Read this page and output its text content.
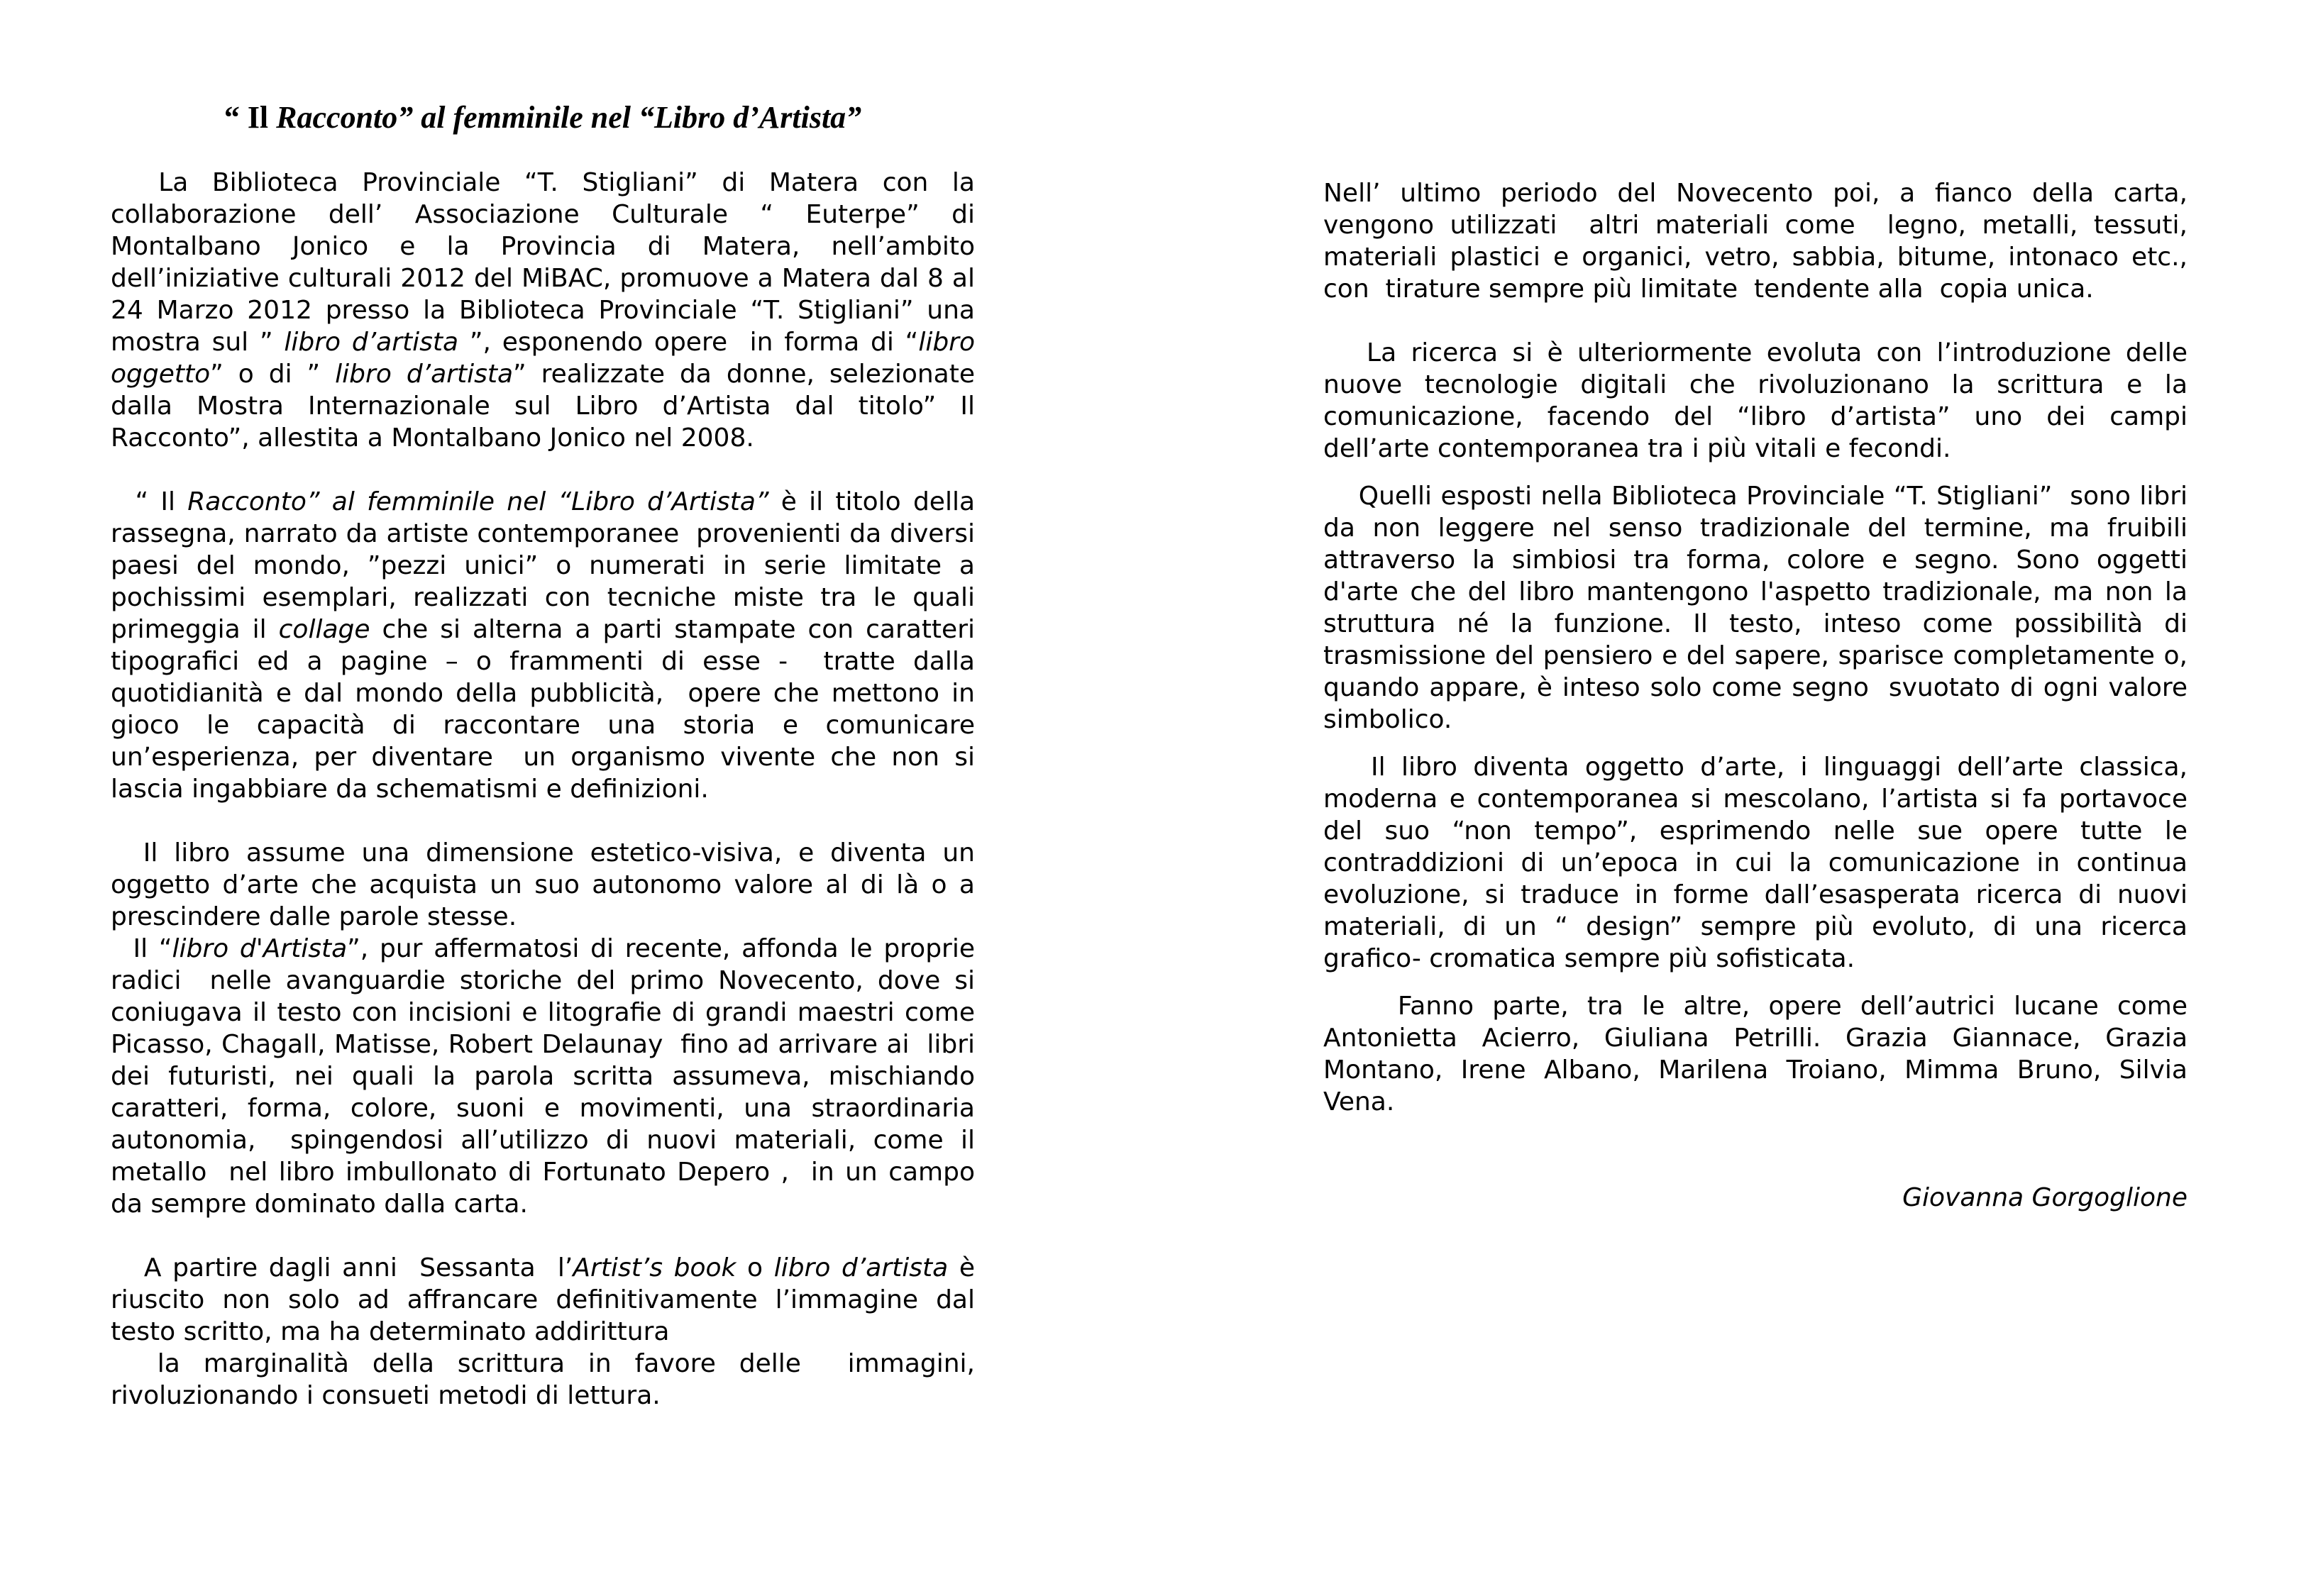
“ Il Racconto” al femminile nel “Libro d’Artista”

La Biblioteca Provinciale “T. Stigliani” di Matera con la collaborazione dell’ Associazione Culturale “ Euterpe” di Montalbano Jonico e la Provincia di Matera, nell’ambito dell’iniziative culturali 2012 del MiBAC, promuove a Matera dal 8 al 24 Marzo 2012 presso la Biblioteca Provinciale “T. Stigliani” una mostra sul ” libro d’artista ”, esponendo opere  in forma di “libro oggetto” o di ” libro d’artista” realizzate da donne, selezionate dalla Mostra Internazionale sul Libro d’Artista dal titolo” Il Racconto”, allestita a Montalbano Jonico nel 2008.

“ Il Racconto” al femminile nel “Libro d’Artista” è il titolo della rassegna, narrato da artiste contemporanee  provenienti da diversi paesi del mondo, ”pezzi unici” o numerati in serie limitate a pochissimi esemplari, realizzati con tecniche miste tra le quali primeggia il collage che si alterna a parti stampate con caratteri tipografici ed a pagine – o frammenti di esse -  tratte dalla quotidianità e dal mondo della pubblicità,  opere che mettono in gioco le capacità di raccontare una storia e comunicare un’esperienza, per diventare  un organismo vivente che non si lascia ingabbiare da schematismi e definizioni.

Il libro assume una dimensione estetico-visiva, e diventa un oggetto d’arte che acquista un suo autonomo valore al di là o a prescindere dalle parole stesse.

Il “libro d'Artista”, pur affermatosi di recente, affonda le proprie radici  nelle avanguardie storiche del primo Novecento, dove si coniugava il testo con incisioni e litografie di grandi maestri come  Picasso, Chagall, Matisse, Robert Delaunay  fino ad arrivare ai  libri dei futuristi, nei quali la parola scritta assumeva, mischiando  caratteri, forma, colore, suoni e movimenti, una straordinaria autonomia,  spingendosi all’utilizzo di nuovi materiali, come il metallo  nel libro imbullonato di Fortunato Depero ,  in un campo da sempre dominato dalla carta.

A partire dagli anni  Sessanta  l’Artist’s book o libro d’artista è riuscito non solo ad affrancare definitivamente l’immagine dal testo scritto, ma ha determinato addirittura

la marginalità della scrittura in favore delle  immagini, rivoluzionando i consueti metodi di lettura.

Nell’ ultimo periodo del Novecento poi, a fianco della carta, vengono utilizzati  altri materiali come  legno, metalli, tessuti, materiali plastici e organici, vetro, sabbia, bitume, intonaco etc., con  tirature sempre più limitate  tendente alla  copia unica.

La ricerca si è ulteriormente evoluta con l’introduzione delle nuove tecnologie digitali che rivoluzionano la scrittura e la comunicazione, facendo del “libro d’artista” uno dei campi dell’arte contemporanea tra i più vitali e fecondi.

Quelli esposti nella Biblioteca Provinciale “T. Stigliani”  sono libri da non leggere nel senso tradizionale del termine, ma fruibili attraverso la simbiosi tra forma, colore e segno. Sono oggetti d'arte che del libro mantengono l'aspetto tradizionale, ma non la struttura né la funzione. Il testo, inteso come possibilità di trasmissione del pensiero e del sapere, sparisce completamente o, quando appare, è inteso solo come segno  svuotato di ogni valore simbolico.

Il libro diventa oggetto d’arte, i linguaggi dell’arte classica, moderna e contemporanea si mescolano, l’artista si fa portavoce del suo “non tempo”, esprimendo nelle sue opere tutte le contraddizioni di un’epoca in cui la comunicazione in continua evoluzione, si traduce in forme dall’esasperata ricerca di nuovi materiali, di un “ design” sempre più evoluto, di una ricerca grafico- cromatica sempre più sofisticata.

Fanno parte, tra le altre, opere dell’autrici lucane come Antonietta Acierro, Giuliana Petrilli. Grazia Giannace, Grazia Montano, Irene Albano, Marilena Troiano, Mimma Bruno, Silvia Vena.

Giovanna Gorgoglione
